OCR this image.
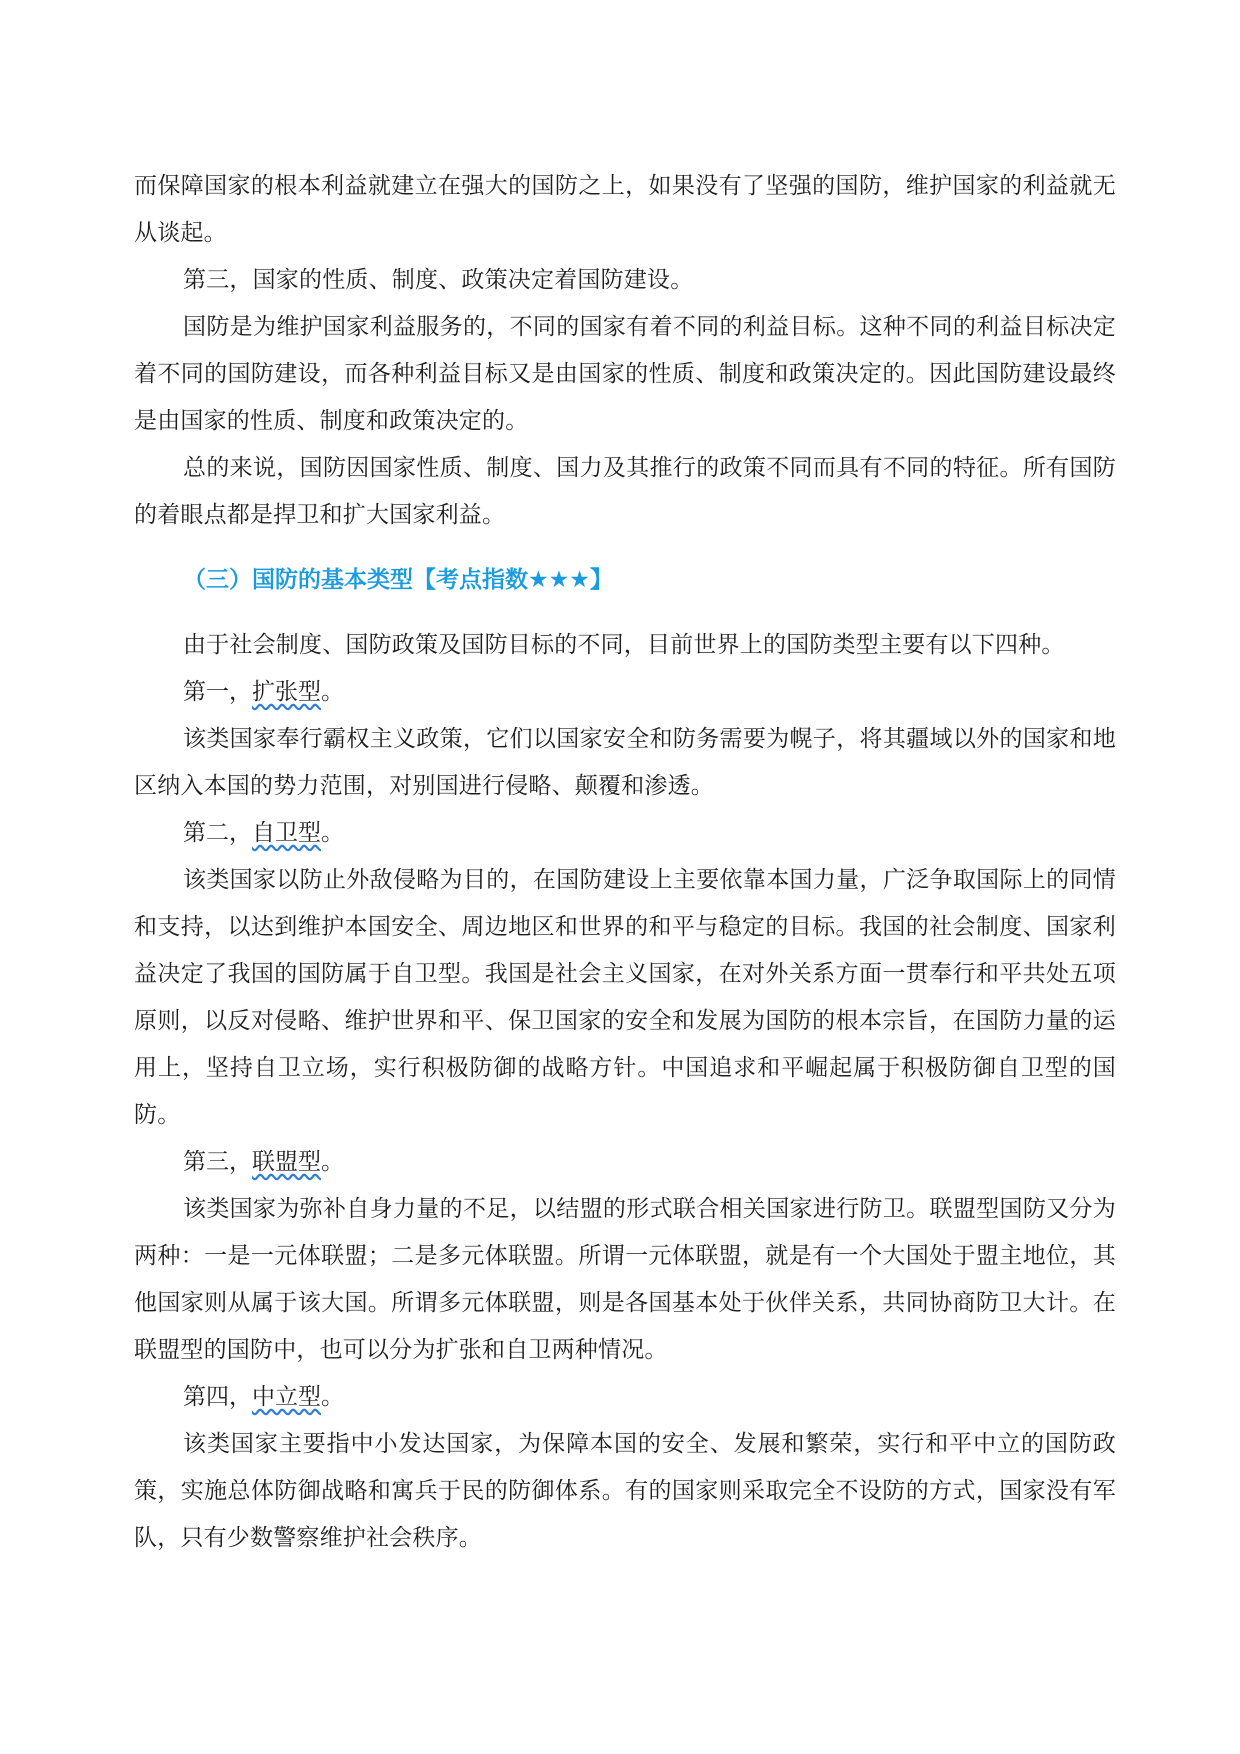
而保障国家的根本利益就建立在强大的国防之上，如果没有了坚强的国防，维护国家的利益就无从谈起。

第三，国家的性质、制度、政策决定着国防建设。

国防是为维护国家利益服务的，不同的国家有着不同的利益目标。这种不同的利益目标决定着不同的国防建设，而各种利益目标又是由国家的性质、制度和政策决定的。因此国防建设最终是由国家的性质、制度和政策决定的。

总的来说，国防因国家性质、制度、国力及其推行的政策不同而具有不同的特征。所有国防的着眼点都是捍卫和扩大国家利益。

（三）国防的基本类型【考点指数★★★】

由于社会制度、国防政策及国防目标的不同，目前世界上的国防类型主要有以下四种。

第一，扩张型。

该类国家奉行霸权主义政策，它们以国家安全和防务需要为幌子，将其疆域以外的国家和地区纳入本国的势力范围，对别国进行侵略、颠覆和渗透。

第二，自卫型。

该类国家以防止外敌侵略为目的，在国防建设上主要依靠本国力量，广泛争取国际上的同情和支持，以达到维护本国安全、周边地区和世界的和平与稳定的目标。我国的社会制度、国家利益决定了我国的国防属于自卫型。我国是社会主义国家，在对外关系方面一贯奉行和平共处五项原则，以反对侵略、维护世界和平、保卫国家的安全和发展为国防的根本宗旨，在国防力量的运用上，坚持自卫立场，实行积极防御的战略方针。中国追求和平崛起属于积极防御自卫型的国防。

第三，联盟型。

该类国家为弥补自身力量的不足，以结盟的形式联合相关国家进行防卫。联盟型国防又分为两种：一是一元体联盟；二是多元体联盟。所谓一元体联盟，就是有一个大国处于盟主地位，其他国家则从属于该大国。所谓多元体联盟，则是各国基本处于伙伴关系，共同协商防卫大计。在联盟型的国防中，也可以分为扩张和自卫两种情况。

第四，中立型。

该类国家主要指中小发达国家，为保障本国的安全、发展和繁荣，实行和平中立的国防政策，实施总体防御战略和寓兵于民的防御体系。有的国家则采取完全不设防的方式，国家没有军队，只有少数警察维护社会秩序。
